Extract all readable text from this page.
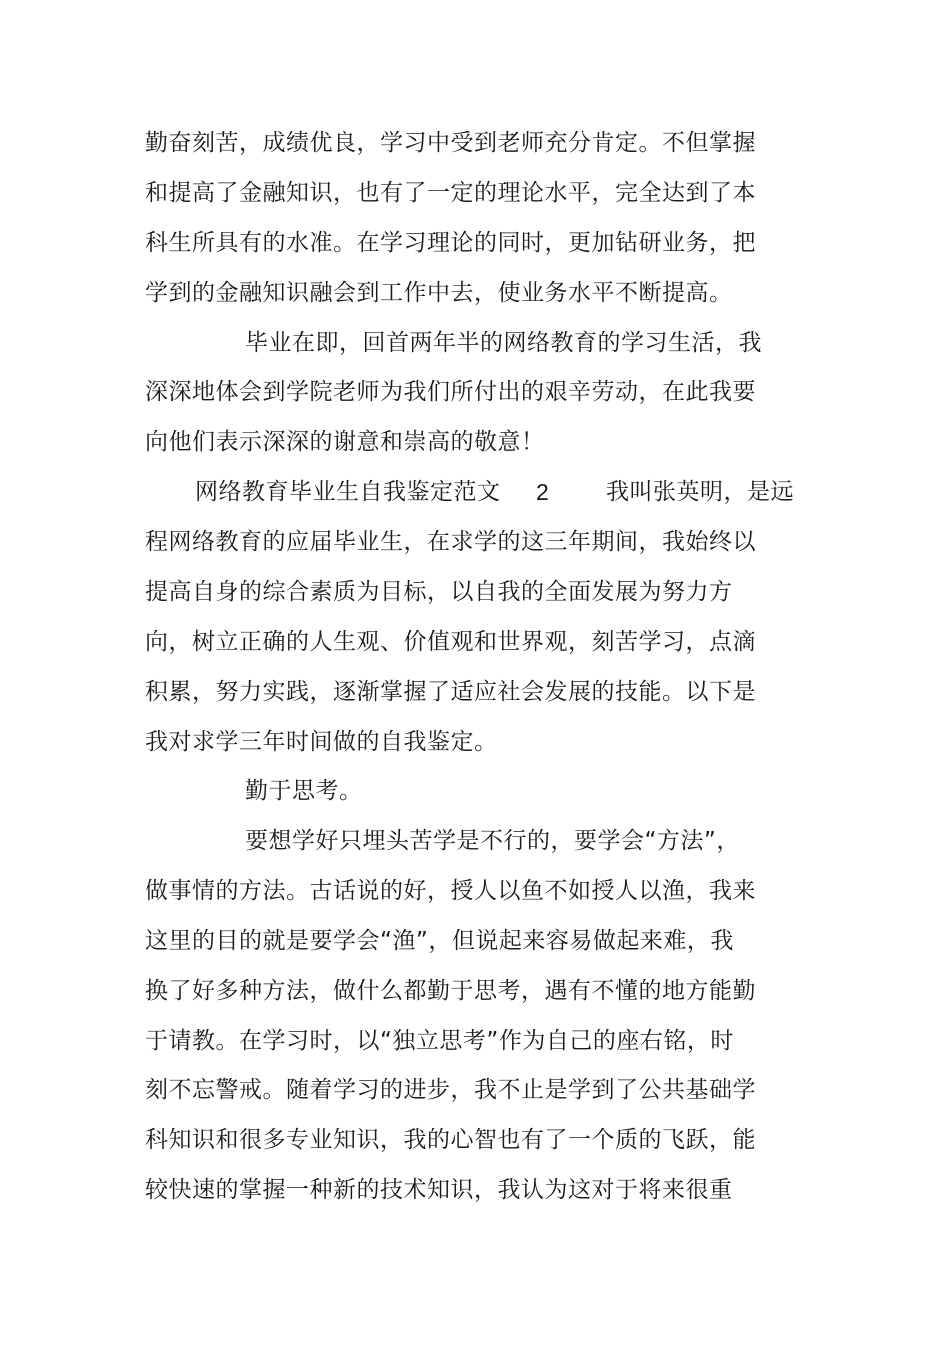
勤奋刻苦，成绩优良，学习中受到老师充分肯定。不但掌握
和提高了金融知识，也有了一定的理论水平，完全达到了本
科生所具有的水准。在学习理论的同时，更加钻研业务，把
学到的金融知识融会到工作中去，使业务水平不断提高。
毕业在即，回首两年半的网络教育的学习生活，我
深深地体会到学院老师为我们所付出的艰辛劳动，在此我要
向他们表示深深的谢意和崇高的敬意！
网络教育毕业生自我鉴定范文 2 我叫张英明，是远
程网络教育的应届毕业生，在求学的这三年期间，我始终以
提高自身的综合素质为目标，以自我的全面发展为努力方
向，树立正确的人生观、价值观和世界观，刻苦学习，点滴
积累，努力实践，逐渐掌握了适应社会发展的技能。以下是
我对求学三年时间做的自我鉴定。
勤于思考。
要想学好只埋头苦学是不行的，要学会“方法”，
做事情的方法。古话说的好，授人以鱼不如授人以渔，我来
这里的目的就是要学会“渔”，但说起来容易做起来难，我
换了好多种方法，做什么都勤于思考，遇有不懂的地方能勤
于请教。在学习时，以“独立思考”作为自己的座右铭，时
刻不忘警戒。随着学习的进步，我不止是学到了公共基础学
科知识和很多专业知识，我的心智也有了一个质的飞跃，能
较快速的掌握一种新的技术知识，我认为这对于将来很重
